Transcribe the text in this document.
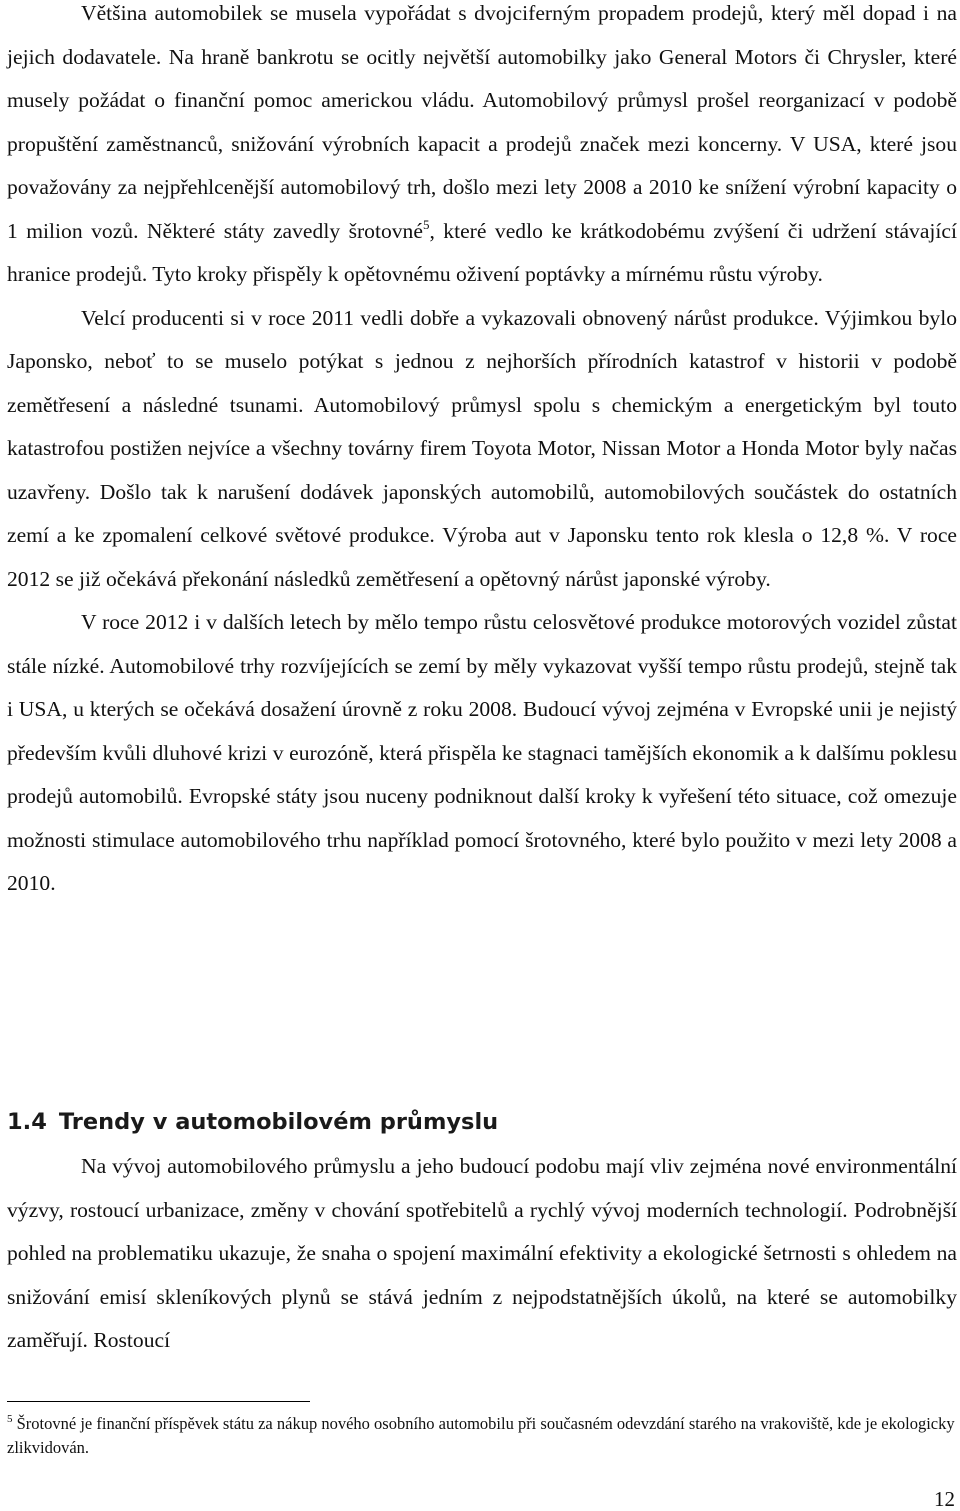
Většina automobilek se musela vypořádat s dvojciferným propadem prodejů, který měl dopad i na jejich dodavatele. Na hraně bankrotu se ocitly největší automobilky jako General Motors či Chrysler, které musely požádat o finanční pomoc americkou vládu. Automobilový průmysl prošel reorganizací v podobě propuštění zaměstnanců, snižování výrobních kapacit a prodejů značek mezi koncerny. V USA, které jsou považovány za nejpřehlcenější automobilový trh, došlo mezi lety 2008 a 2010 ke snížení výrobní kapacity o 1 milion vozů. Některé státy zavedly šrotovné$^5$, které vedlo ke krátkodobému zvýšení či udržení stávající hranice prodejů. Tyto kroky přispěly k opětovnému oživení poptávky a mírnému růstu výroby.

Velcí producenti si v roce 2011 vedli dobře a vykazovali obnovený nárůst produkce. Výjimkou bylo Japonsko, neboť to se muselo potýkat s jednou z nejhorších přírodních katastrof v historii v podobě zemětřesení a následné tsunami. Automobilový průmysl spolu s chemickým a energetickým byl touto katastrofou postižen nejvíce a všechny továrny firem Toyota Motor, Nissan Motor a Honda Motor byly načas uzavřeny. Došlo tak k narušení dodávek japonských automobilů, automobilových součástek do ostatních zemí a ke zpomalení celkové světové produkce. Výroba aut v Japonsku tento rok klesla o 12,8 %. V roce 2012 se již očekává překonání následků zemětřesení a opětovný nárůst japonské výroby.

V roce 2012 i v dalších letech by mělo tempo růstu celosvětové produkce motorových vozidel zůstat stále nízké. Automobilové trhy rozvíjejících se zemí by měly vykazovat vyšší tempo růstu prodejů, stejně tak i USA, u kterých se očekává dosažení úrovně z roku 2008. Budoucí vývoj zejména v Evropské unii je nejistý především kvůli dluhové krizi v eurozóně, která přispěla ke stagnaci tamějších ekonomik a k dalšímu poklesu prodejů automobilů. Evropské státy jsou nuceny podniknout další kroky k vyřešení této situace, což omezuje možnosti stimulace automobilového trhu například pomocí šrotovného, které bylo použito v mezi lety 2008 a 2010.

1.4 Trendy v automobilovém průmyslu

Na vývoj automobilového průmyslu a jeho budoucí podobu mají vliv zejména nové environmentální výzvy, rostoucí urbanizace, změny v chování spotřebitelů a rychlý vývoj moderních technologií. Podrobnější pohled na problematiku ukazuje, že snaha o spojení maximální efektivity a ekologické šetrnosti s ohledem na snižování emisí skleníkových plynů se stává jedním z nejpodstatnějších úkolů, na které se automobilky zaměřují. Rostoucí

$^5$ Šrotovné je finanční příspěvek státu za nákup nového osobního automobilu při současném odevzdání starého na vrakoviště, kde je ekologicky zlikvidován.

12
